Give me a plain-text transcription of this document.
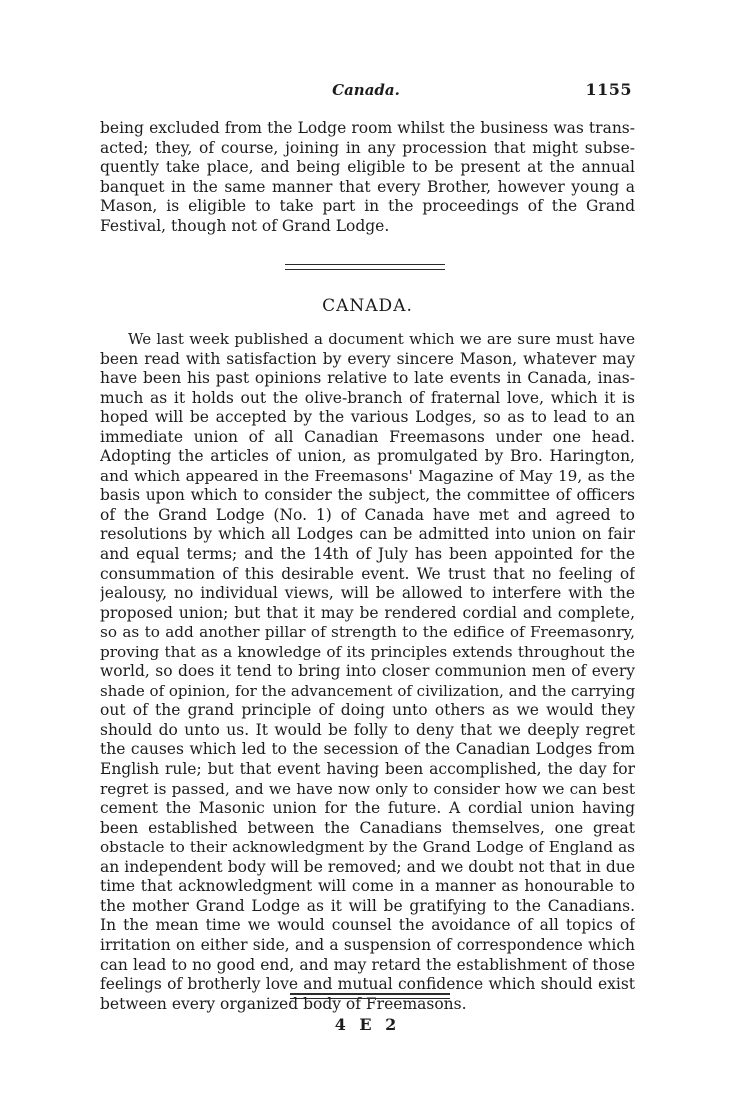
Canada.	1155
being excluded from the Lodge room whilst the business was trans-
acted; they, of course, joining in any procession that might subse-
quently take place, and being eligible to be present at the annual
banquet in the same manner that every Brother, however young a
Mason, is eligible to take part in the proceedings of the Grand
Festival, though not of Grand Lodge.
CANADA.
We last week published a document which we are sure must have
been read with satisfaction by every sincere Mason, whatever may
have been his past opinions relative to late events in Canada, inas-
much as it holds out the olive-branch of fraternal love, which it is
hoped will be accepted by the various Lodges, so as to lead to an
immediate union of all Canadian Freemasons under one head.
Adopting the articles of union, as promulgated by Bro. Harington,
and which appeared in the Freemasons' Magazine of May 19, as the
basis upon which to consider the subject, the committee of officers
of the Grand Lodge (No. 1) of Canada have met and agreed to
resolutions by which all Lodges can be admitted into union on fair
and equal terms; and the 14th of July has been appointed for the
consummation of this desirable event. We trust that no feeling of
jealousy, no individual views, will be allowed to interfere with the
proposed union; but that it may be rendered cordial and complete,
so as to add another pillar of strength to the edifice of Freemasonry,
proving that as a knowledge of its principles extends throughout the
world, so does it tend to bring into closer communion men of every
shade of opinion, for the advancement of civilization, and the carrying
out of the grand principle of doing unto others as we would they
should do unto us. It would be folly to deny that we deeply regret
the causes which led to the secession of the Canadian Lodges from
English rule; but that event having been accomplished, the day for
regret is passed, and we have now only to consider how we can best
cement the Masonic union for the future. A cordial union having
been established between the Canadians themselves, one great
obstacle to their acknowledgment by the Grand Lodge of England as
an independent body will be removed; and we doubt not that in due
time that acknowledgment will come in a manner as honourable to
the mother Grand Lodge as it will be gratifying to the Canadians.
In the mean time we would counsel the avoidance of all topics of
irritation on either side, and a suspension of correspondence which
can lead to no good end, and may retard the establishment of those
feelings of brotherly love and mutual confidence which should exist
between every organized body of Freemasons.
4 E 2
